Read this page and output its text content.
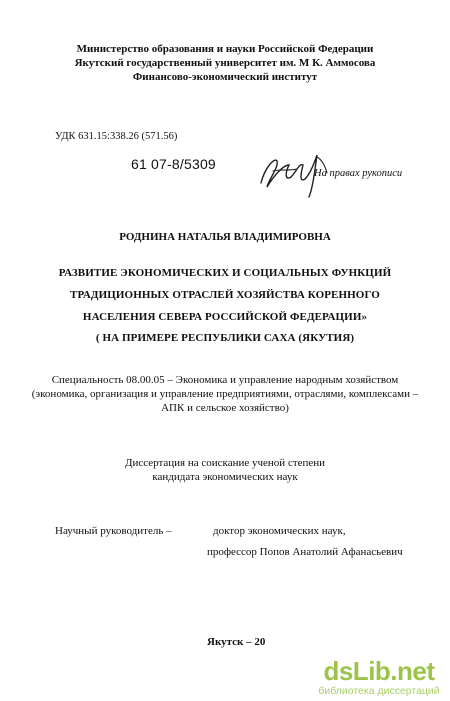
Министерство образования и науки Российской Федерации
Якутский государственный университет им. М К. Аммосова
Финансово-экономический институт
УДК 631.15:338.26 (571.56)
61 07-8/5309
На правах рукописи
РОДНИНА НАТАЛЬЯ ВЛАДИМИРОВНА
РАЗВИТИЕ ЭКОНОМИЧЕСКИХ И СОЦИАЛЬНЫХ ФУНКЦИЙ
ТРАДИЦИОННЫХ ОТРАСЛЕЙ ХОЗЯЙСТВА КОРЕННОГО
НАСЕЛЕНИЯ СЕВЕРА РОССИЙСКОЙ ФЕДЕРАЦИИ»
( НА ПРИМЕРЕ РЕСПУБЛИКИ САХА (ЯКУТИЯ)
Специальность 08.00.05 – Экономика и управление народным хозяйством
(экономика, организация и управление предприятиями, отраслями, комплексами –
АПК и сельское хозяйство)
Диссертация на соискание ученой степени
кандидата экономических наук
Научный руководитель –	доктор экономических наук,
профессор Попов Анатолий Афанасьевич
Якутск – 20
dsLib.net
библиотека диссертаций
